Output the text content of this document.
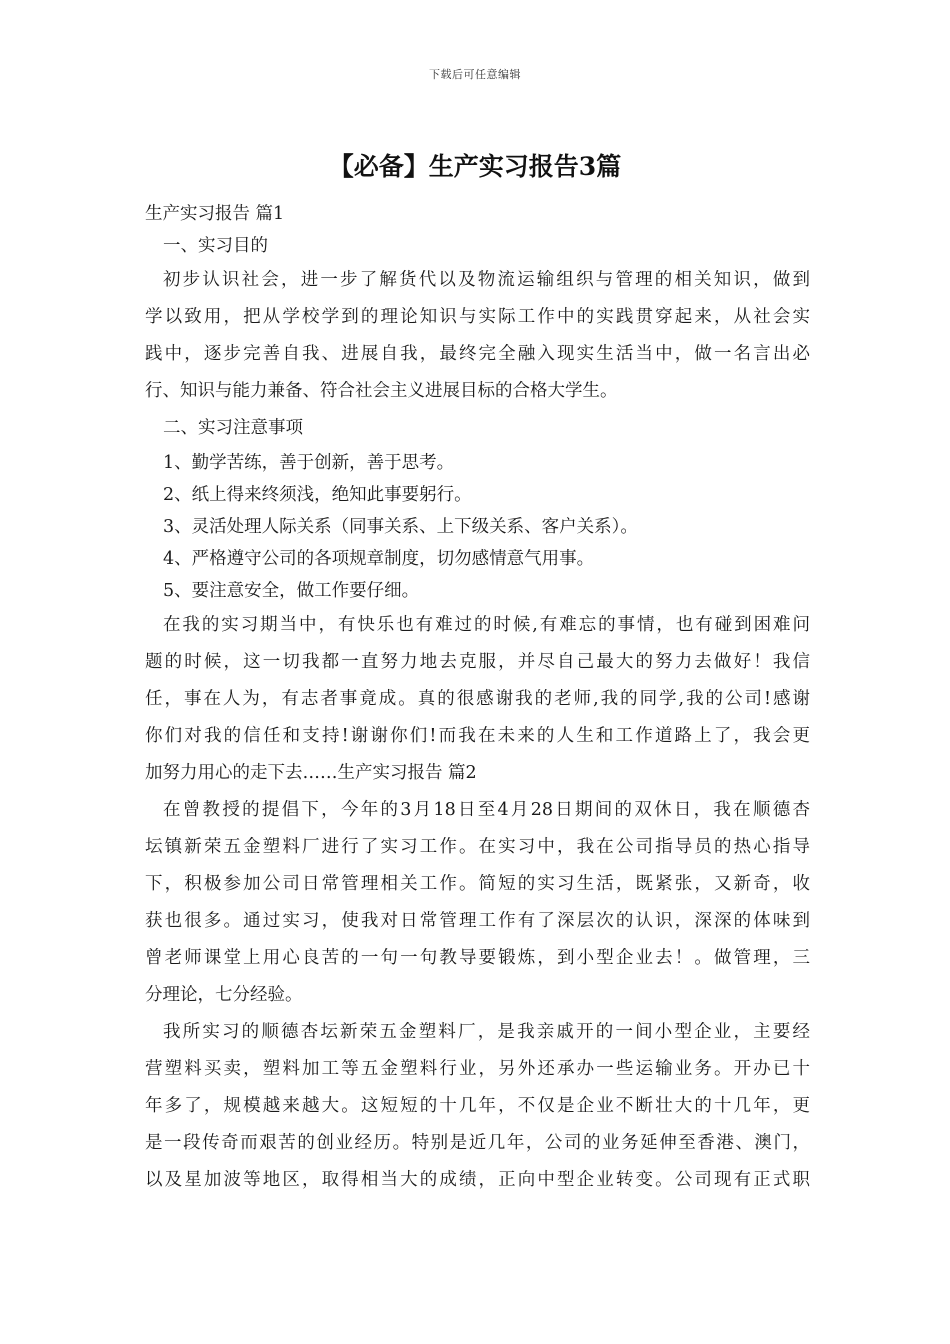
下载后可任意编辑
【必备】生产实习报告3篇

生产实习报告 篇1

一、实习目的

初步认识社会，进一步了解货代以及物流运输组织与管理的相关知识，做到

学以致用，把从学校学到的理论知识与实际工作中的实践贯穿起来，从社会实

践中，逐步完善自我、进展自我，最终完全融入现实生活当中，做一名言出必

行、知识与能力兼备、符合社会主义进展目标的合格大学生。

二、实习注意事项

1、勤学苦练，善于创新，善于思考。

2、纸上得来终须浅，绝知此事要躬行。

3、灵活处理人际关系（同事关系、上下级关系、客户关系）。

4、严格遵守公司的各项规章制度，切勿感情意气用事。

5、要注意安全，做工作要仔细。

在我的实习期当中，有快乐也有难过的时候,有难忘的事情，也有碰到困难问

题的时候，这一切我都一直努力地去克服，并尽自己最大的努力去做好！我信

任，事在人为，有志者事竟成。真的很感谢我的老师,我的同学,我的公司!感谢

你们对我的信任和支持!谢谢你们!而我在未来的人生和工作道路上了，我会更

加努力用心的走下去……生产实习报告 篇2

在曾教授的提倡下，今年的3月18日至4月28日期间的双休日，我在顺德杏

坛镇新荣五金塑料厂进行了实习工作。在实习中，我在公司指导员的热心指导

下，积极参加公司日常管理相关工作。简短的实习生活，既紧张，又新奇，收

获也很多。通过实习，使我对日常管理工作有了深层次的认识，深深的体味到

曾老师课堂上用心良苦的一句一句教导要锻炼，到小型企业去！。做管理，三

分理论，七分经验。

我所实习的顺德杏坛新荣五金塑料厂，是我亲戚开的一间小型企业，主要经

营塑料买卖，塑料加工等五金塑料行业，另外还承办一些运输业务。开办已十

年多了，规模越来越大。这短短的十几年，不仅是企业不断壮大的十几年，更

是一段传奇而艰苦的创业经历。特别是近几年，公司的业务延伸至香港、澳门，

以及星加波等地区，取得相当大的成绩，正向中型企业转变。公司现有正式职
